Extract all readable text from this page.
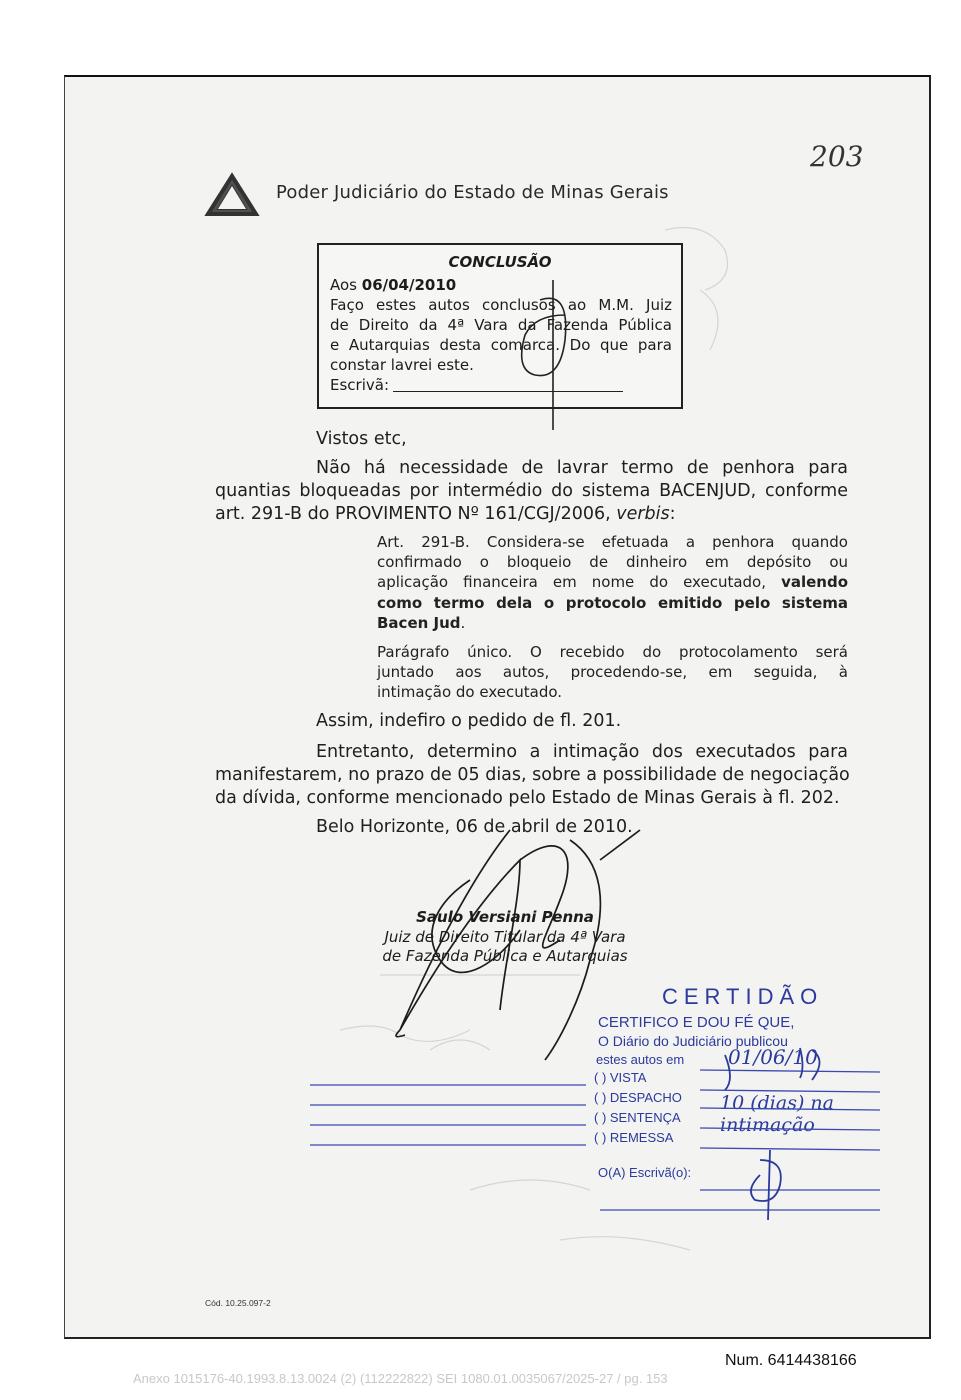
203
Poder Judiciário do Estado de Minas Gerais
CONCLUSÃO
Aos 06/04/2010
Faço estes autos conclusos ao M.M. Juiz
de Direito da 4ª Vara da Fazenda Pública
e Autarquias desta comarca. Do que para
constar lavrei este.
Escrivã:
Vistos etc,
Não há necessidade de lavrar termo de penhora para
quantias bloqueadas por intermédio do sistema BACENJUD, conforme
art. 291-B do PROVIMENTO Nº 161/CGJ/2006, verbis:
Art. 291-B. Considera-se efetuada a penhora quando
confirmado o bloqueio de dinheiro em depósito ou
aplicação financeira em nome do executado, valendo
como termo dela o protocolo emitido pelo sistema
Bacen Jud.
Parágrafo único. O recebido do protocolamento será
juntado aos autos, procedendo-se, em seguida, à
intimação do executado.
Assim, indefiro o pedido de fl. 201.
Entretanto, determino a intimação dos executados para
manifestarem, no prazo de 05 dias, sobre a possibilidade de negociação
da dívida, conforme mencionado pelo Estado de Minas Gerais à fl. 202.
Belo Horizonte, 06 de abril de 2010.
Saulo Versiani Penna
Juiz de Direito Titular da 4ª Vara
de Fazenda Pública e Autarquias
CERTIDÃO
CERTIFICO E DOU FÉ QUE,
O Diário do Judiciário publicou
estes autos em
( ) VISTA
( ) DESPACHO
( ) SENTENÇA
( ) REMESSA
O(A) Escrivã(o):
01/06/10
10 (dias) na intimação
Cód. 10.25.097-2
Num. 6414438166
Anexo 1015176-40.1993.8.13.0024 (2) (112222822) SEI 1080.01.0035067/2025-27 / pg. 153
